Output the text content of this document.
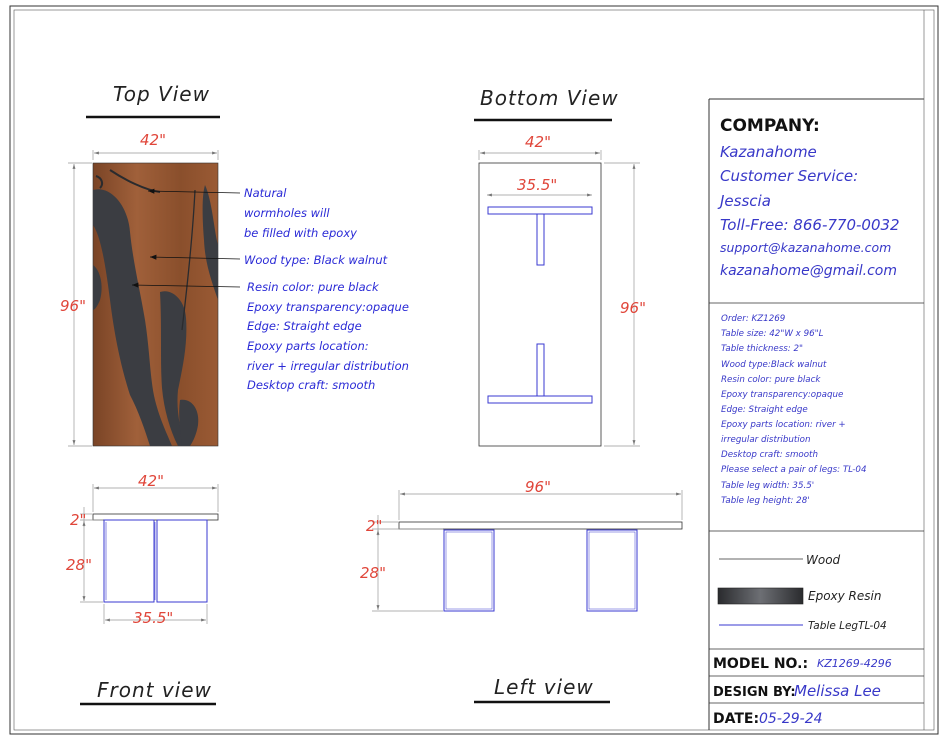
Top View
42"
96"
Natural
wormholes will
be filled with epoxy
Wood type: Black walnut
Resin color: pure black
Epoxy transparency:opaque
Edge: Straight edge
Epoxy parts location:
river + irregular distribution
Desktop craft: smooth
Bottom View
42"
35.5"
96"
42"
2"
28"
35.5"
Front view
96"
2"
28"
Left view
COMPANY:
Kazanahome
Customer Service:
Jesscia
Toll-Free: 866-770-0032
support@kazanahome.com
kazanahome@gmail.com
Order: KZ1269
Table size: 42"W x 96"L
Table thickness: 2"
Wood type:Black walnut
Resin color: pure black
Epoxy transparency:opaque
Edge: Straight edge
Epoxy parts location: river +
irregular distribution
Desktop craft: smooth
Please select a pair of legs: TL-04
Table leg width: 35.5'
Table leg height: 28'
Wood
Epoxy Resin
Table LegTL-04
MODEL NO.: KZ1269-4296
DESIGN BY:
Melissa Lee
DATE: 05-29-24
